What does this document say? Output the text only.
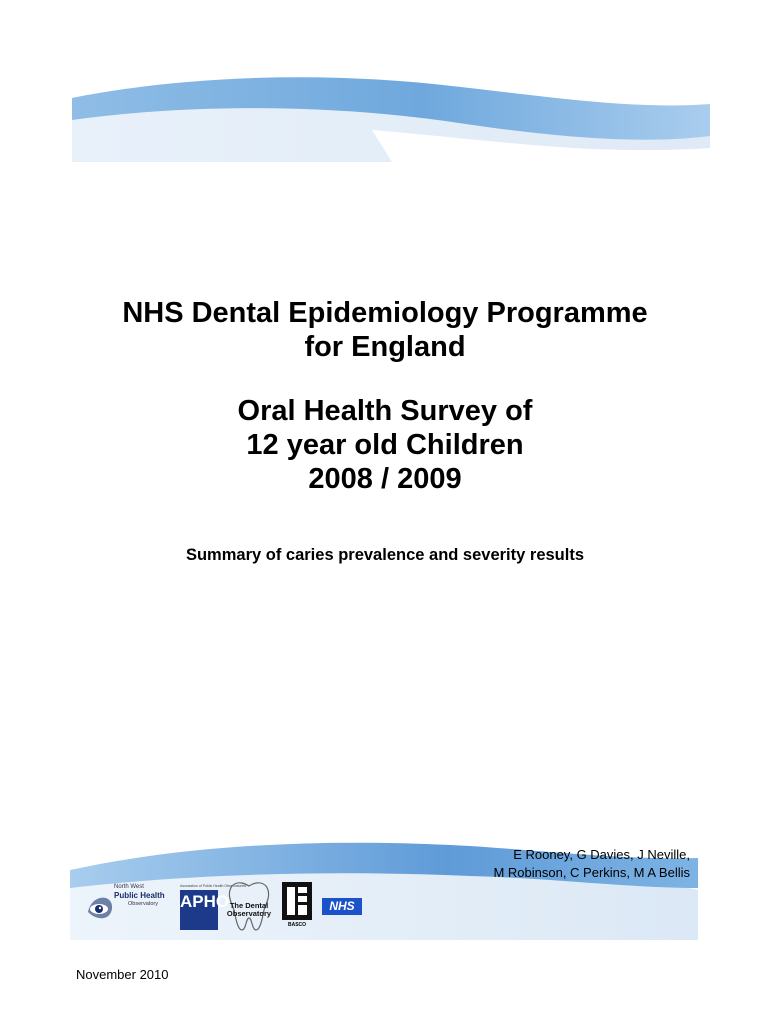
NHS Dental Epidemiology Programme

for England

Oral Health Survey of

12 year old Children

2008 / 2009

Summary of caries prevalence and severity results
E Rooney, G Davies, J Neville,
M Robinson, C Perkins, M A Bellis
North West
Public Health
Observatory
Association of Public Health Observatories
APHO The Dental
Observatory
BASCO
NHS
November 2010
